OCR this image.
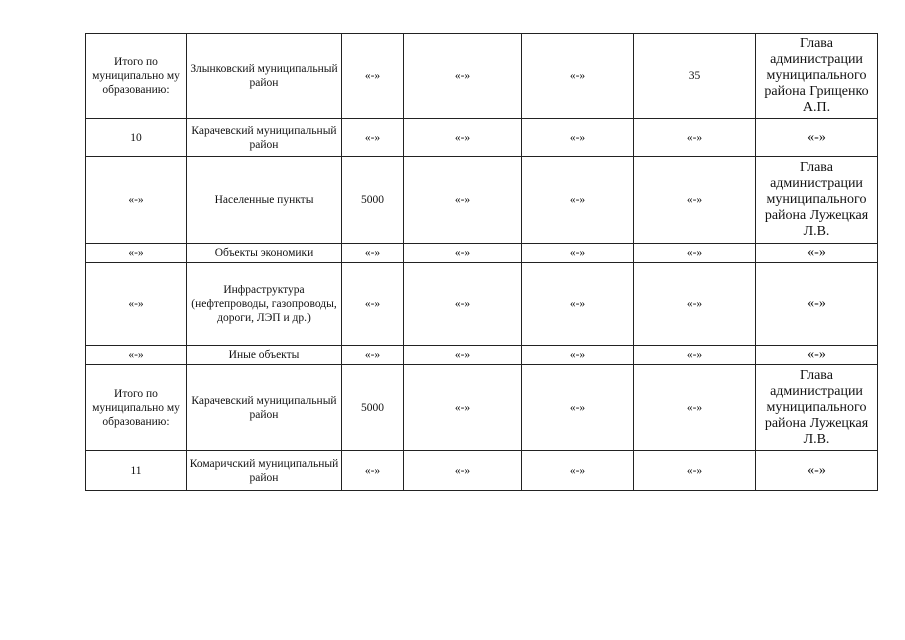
Итого по муниципально му образованию:	Злынковский муниципальный район	«-»	«-»	«-»	35	Глава администрации муниципального района Грищенко А.П.
10	Карачевский муниципальный район	«-»	«-»	«-»	«-»	«-»
«-»	Населенные пункты	5000	«-»	«-»	«-»	Глава администрации муниципального района Лужецкая Л.В.
«-»	Объекты экономики	«-»	«-»	«-»	«-»	«-»
«-»	Инфраструктура (нефтепроводы, газопроводы, дороги, ЛЭП и др.)	«-»	«-»	«-»	«-»	«-»
«-»	Иные объекты	«-»	«-»	«-»	«-»	«-»
Итого по муниципально му образованию:	Карачевский муниципальный район	5000	«-»	«-»	«-»	Глава администрации муниципального района Лужецкая Л.В.
11	Комаричский муниципальный район	«-»	«-»	«-»	«-»	«-»
